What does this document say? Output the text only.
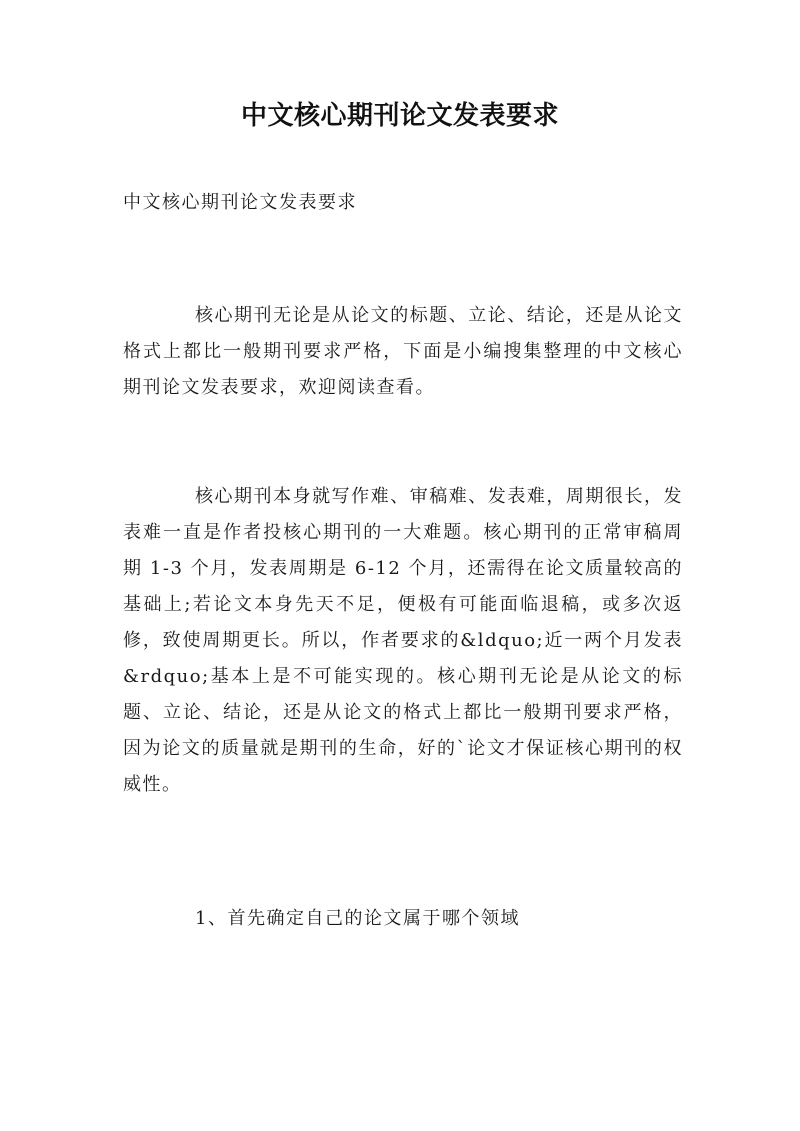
中文核心期刊论文发表要求

中文核心期刊论文发表要求

核心期刊无论是从论文的标题、立论、结论，还是从论文格式上都比一般期刊要求严格，下面是小编搜集整理的中文核心期刊论文发表要求，欢迎阅读查看。

核心期刊本身就写作难、审稿难、发表难，周期很长，发表难一直是作者投核心期刊的一大难题。核心期刊的正常审稿周期 1-3 个月，发表周期是 6-12 个月，还需得在论文质量较高的基础上;若论文本身先天不足，便极有可能面临退稿，或多次返修，致使周期更长。所以，作者要求的&ldquo;近一两个月发表&rdquo;基本上是不可能实现的。核心期刊无论是从论文的标题、立论、结论，还是从论文的格式上都比一般期刊要求严格，因为论文的质量就是期刊的生命，好的`论文才保证核心期刊的权威性。

1、首先确定自己的论文属于哪个领域
